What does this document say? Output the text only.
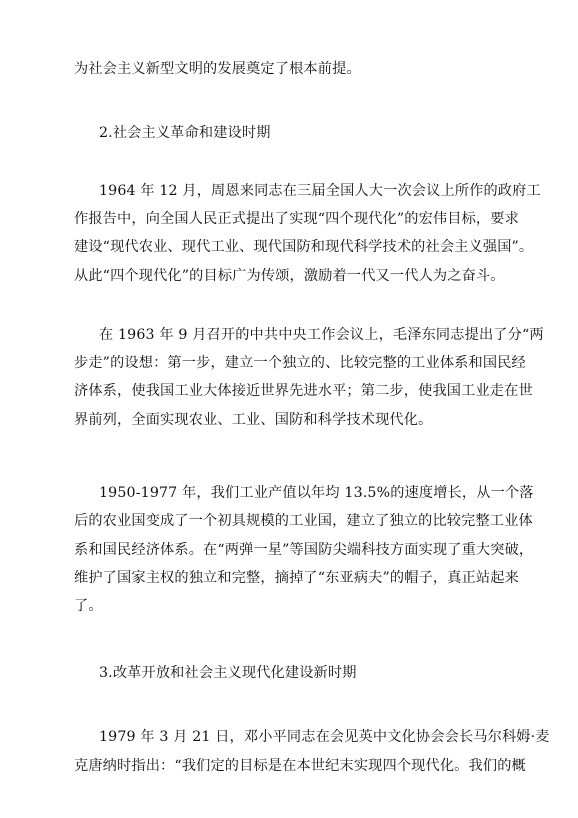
为社会主义新型文明的发展奠定了根本前提。
2.社会主义革命和建设时期
1964 年 12 月，周恩来同志在三届全国人大一次会议上所作的政府工
作报告中，向全国人民正式提出了实现“四个现代化”的宏伟目标，要求
建设“现代农业、现代工业、现代国防和现代科学技术的社会主义强国”。
从此“四个现代化”的目标广为传颂，激励着一代又一代人为之奋斗。
在 1963 年 9 月召开的中共中央工作会议上，毛泽东同志提出了分“两
步走”的设想：第一步，建立一个独立的、比较完整的工业体系和国民经
济体系，使我国工业大体接近世界先进水平；第二步，使我国工业走在世
界前列，全面实现农业、工业、国防和科学技术现代化。
1950-1977 年，我们工业产值以年均 13.5%的速度增长，从一个落
后的农业国变成了一个初具规模的工业国，建立了独立的比较完整工业体
系和国民经济体系。在“两弹一星”等国防尖端科技方面实现了重大突破，
维护了国家主权的独立和完整，摘掉了“东亚病夫”的帽子，真正站起来
了。
3.改革开放和社会主义现代化建设新时期
1979 年 3 月 21 日，邓小平同志在会见英中文化协会会长马尔科姆·麦
克唐纳时指出：“我们定的目标是在本世纪末实现四个现代化。我们的概
